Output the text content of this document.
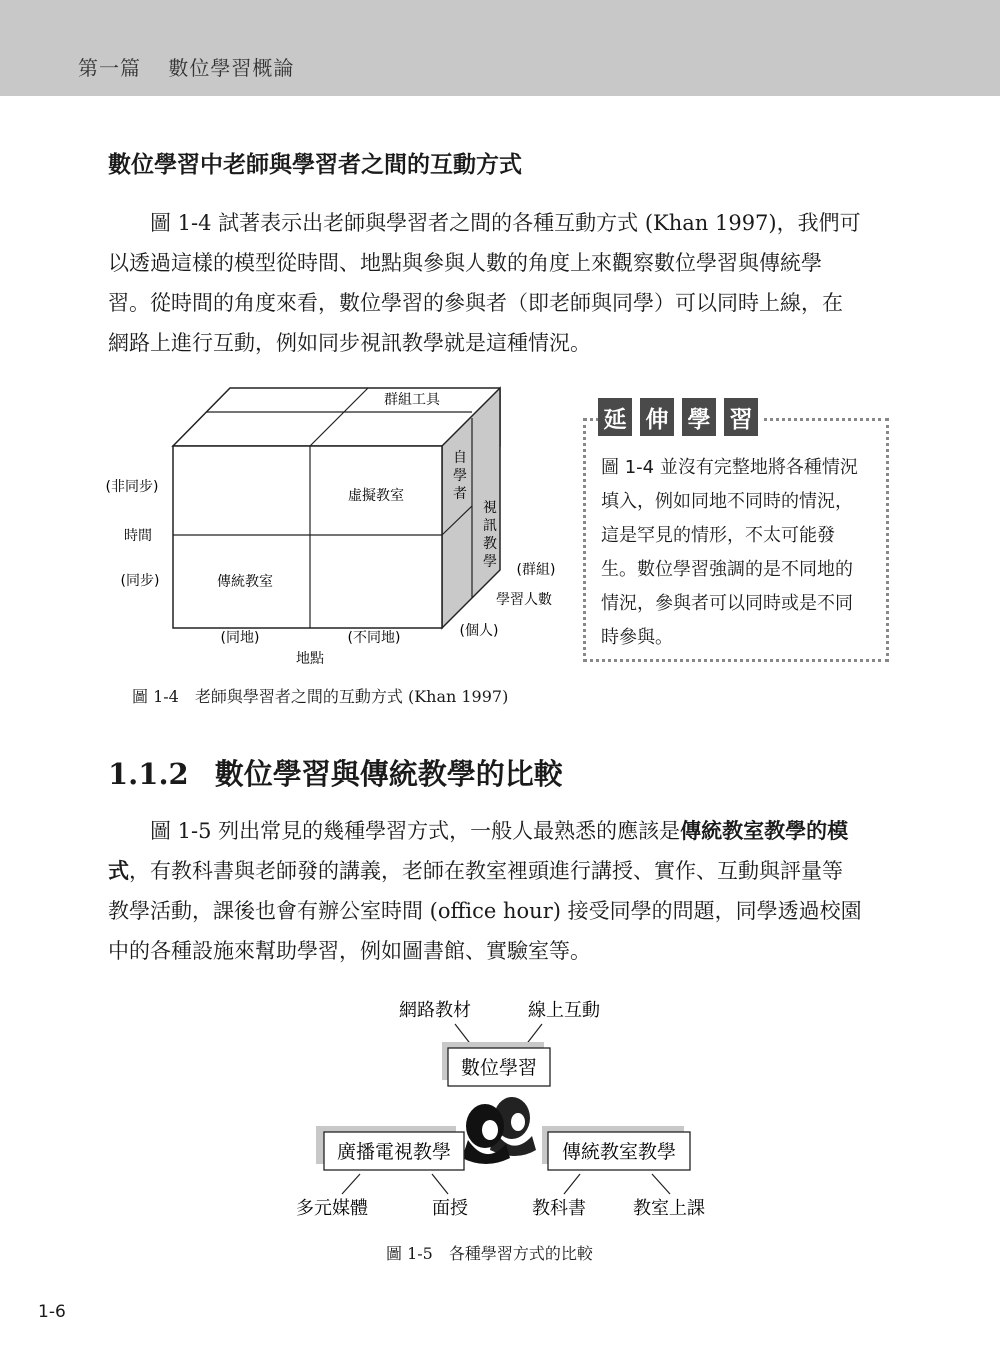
第一篇 數位學習概論
數位學習中老師與學習者之間的互動方式
圖 1-4 試著表示出老師與學習者之間的各種互動方式 (Khan 1997)，我們可
以透過這樣的模型從時間、地點與參與人數的角度上來觀察數位學習與傳統學
習。從時間的角度來看，數位學習的參與者（即老師與同學）可以同時上線，在
網路上進行互動，例如同步視訊教學就是這種情況。
群組工具
虛擬教室
傳統教室
自
學
者
視
訊
教
學
(非同步)
時間
(同步)
(同地)	(不同地)
地點
(群組)
學習人數
(個人)
圖 1-4 老師與學習者之間的互動方式 (Khan 1997)
延 伸 學 習
圖 1-4 並沒有完整地將各種情況
填入，例如同地不同時的情況，
這是罕見的情形，不太可能發
生。數位學習強調的是不同地的
情況，參與者可以同時或是不同
時參與。
1.1.2 數位學習與傳統教學的比較
圖 1-5 列出常見的幾種學習方式，一般人最熟悉的應該是傳統教室教學的模
式，有教科書與老師發的講義，老師在教室裡頭進行講授、實作、互動與評量等
教學活動，課後也會有辦公室時間 (office hour) 接受同學的問題，同學透過校園
中的各種設施來幫助學習，例如圖書館、實驗室等。
網路教材	線上互動
數位學習
廣播電視教學	傳統教室教學
多元媒體	面授	教科書	教室上課
圖 1-5 各種學習方式的比較
1-6
